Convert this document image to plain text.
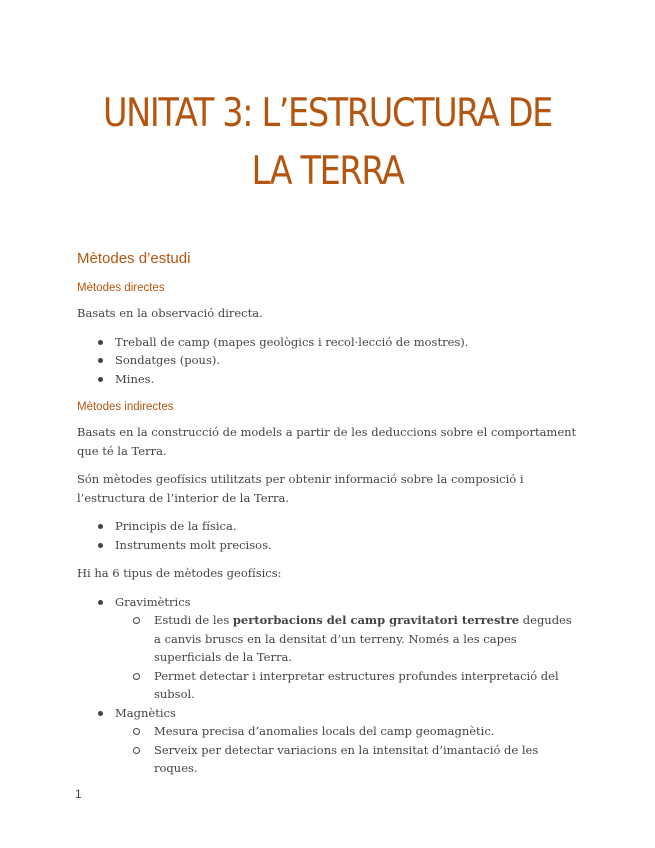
UNITAT 3: L’ESTRUCTURA DE
LA TERRA
Mètodes d’estudi
Mètodes directes

Basats en la observació directa.

Treball de camp (mapes geològics i recol·lecció de mostres).
Sondatges (pous).
Mines.
Mètodes indirectes

Basats en la construcció de models a partir de les deduccions sobre el comportament que té la Terra.

Són mètodes geofísics utilitzats per obtenir informació sobre la composició i l’estructura de l’interior de la Terra.

Principis de la física.
Instruments molt precisos.

Hi ha 6 tipus de mètodes geofísics:

Gravimètrics
Estudi de les pertorbacions del camp gravitatori terrestre degudes a canvis bruscs en la densitat d’un terreny. Només a les capes superficials de la Terra.
Permet detectar i interpretar estructures profundes interpretació del subsol.
Magnètics
Mesura precisa d’anomalies locals del camp geomagnètic.
Serveix per detectar variacions en la intensitat d’imantació de les roques.
1
